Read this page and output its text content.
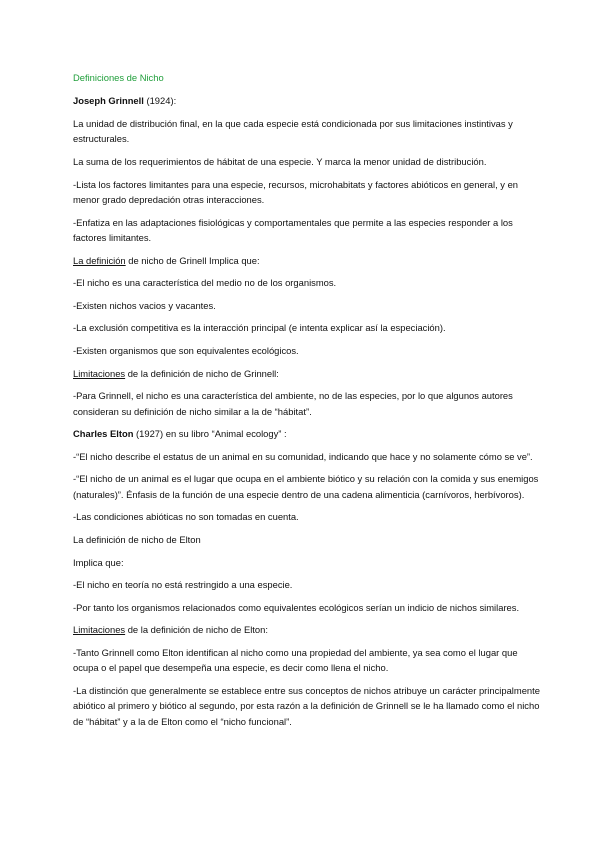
Definiciones de Nicho
Joseph Grinnell (1924):
La unidad de distribución final, en la que cada especie está condicionada por sus limitaciones instintivas y estructurales.
La suma de los requerimientos de hábitat de una especie. Y marca la menor unidad de distribución.
-Lista los factores limitantes para una especie, recursos, microhabitats y factores abióticos en general, y en menor grado depredación otras interacciones.
-Enfatiza en las adaptaciones fisiológicas y comportamentales que permite a las especies responder a los factores limitantes.
La definición de nicho de Grinell Implica que:
-El nicho es una característica del medio no de los organismos.
-Existen nichos vacios y vacantes.
-La exclusión competitiva es la interacción principal (e intenta explicar así la especiación).
-Existen organismos que son equivalentes ecológicos.
Limitaciones de la definición de nicho de Grinnell:
-Para Grinnell, el nicho es una característica del ambiente, no de las especies, por lo que algunos autores consideran su definición de nicho similar a la de “hábitat”.
Charles Elton (1927) en su libro “Animal ecology” :
-“El nicho describe el estatus de un animal en su comunidad, indicando que hace y no solamente cómo se ve”.
-“El nicho de un animal es el lugar que ocupa en el ambiente biótico y su relación con la comida y sus enemigos (naturales)”. Énfasis de la función de una especie dentro de una cadena alimenticia (carnívoros, herbívoros).
-Las condiciones abióticas no son tomadas en cuenta.
La definición de nicho de Elton
Implica que:
-El nicho en teoría no está restringido a una especie.
-Por tanto los organismos relacionados como equivalentes ecológicos serían un indicio de nichos similares.
Limitaciones de la definición de nicho de Elton:
-Tanto Grinnell como Elton identifican al nicho como una propiedad del ambiente, ya sea como el lugar que ocupa o el papel que desempeña una especie, es decir como llena el nicho.
-La distinción que generalmente se establece entre sus conceptos de nichos atribuye un carácter principalmente abiótico al primero y biótico al segundo, por esta razón a la definición de Grinnell se le ha llamado como el nicho de “hábitat” y a la de Elton como el “nicho funcional”.
